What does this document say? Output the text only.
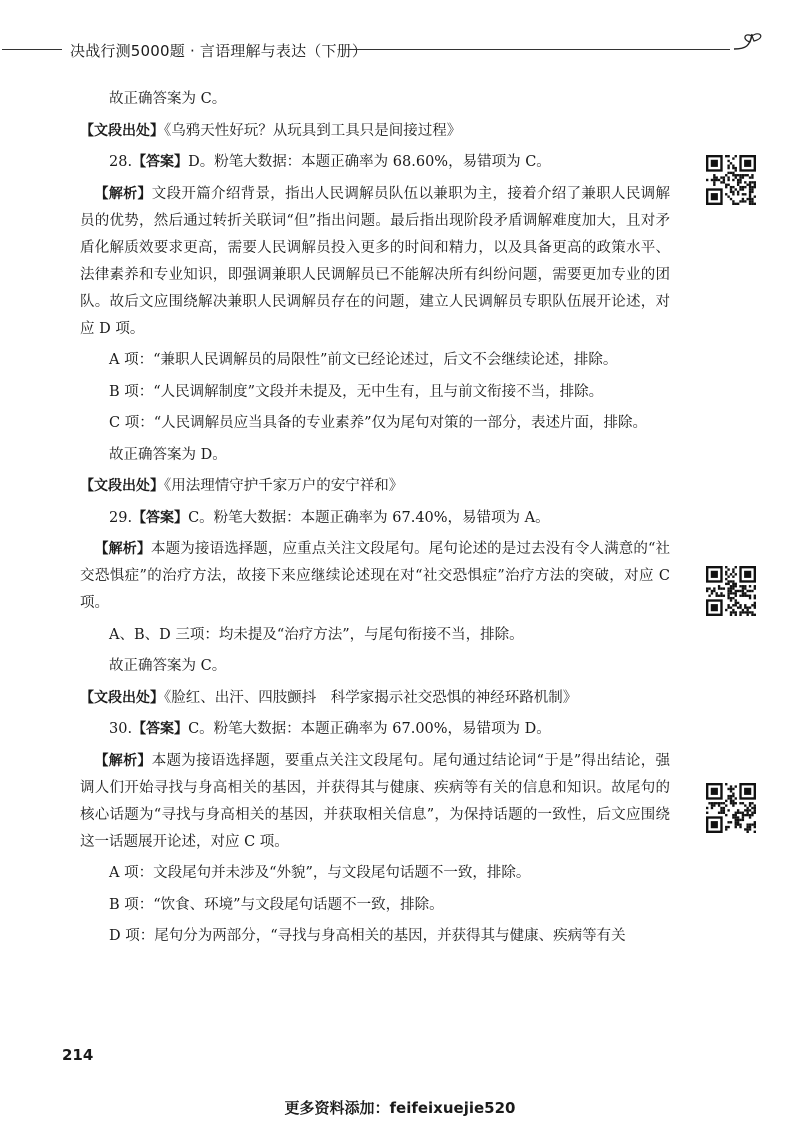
决战行测5000题 · 言语理解与表达（下册）

故正确答案为 C。

【文段出处】《乌鸦天性好玩？从玩具到工具只是间接过程》

28.【答案】D。粉笔大数据：本题正确率为 68.60%，易错项为 C。

【解析】文段开篇介绍背景，指出人民调解员队伍以兼职为主，接着介绍了兼职人民调解员的优势，然后通过转折关联词“但”指出问题。最后指出现阶段矛盾调解难度加大，且对矛盾化解质效要求更高，需要人民调解员投入更多的时间和精力，以及具备更高的政策水平、法律素养和专业知识，即强调兼职人民调解员已不能解决所有纠纷问题，需要更加专业的团队。故后文应围绕解决兼职人民调解员存在的问题，建立人民调解员专职队伍展开论述，对应 D 项。

A 项：“兼职人民调解员的局限性”前文已经论述过，后文不会继续论述，排除。

B 项：“人民调解制度”文段并未提及，无中生有，且与前文衔接不当，排除。

C 项：“人民调解员应当具备的专业素养”仅为尾句对策的一部分，表述片面，排除。

故正确答案为 D。

【文段出处】《用法理情守护千家万户的安宁祥和》

29.【答案】C。粉笔大数据：本题正确率为 67.40%，易错项为 A。

【解析】本题为接语选择题，应重点关注文段尾句。尾句论述的是过去没有令人满意的“社交恐惧症”的治疗方法，故接下来应继续论述现在对“社交恐惧症”治疗方法的突破，对应 C 项。

A、B、D 三项：均未提及“治疗方法”，与尾句衔接不当，排除。

故正确答案为 C。

【文段出处】《脸红、出汗、四肢颤抖　科学家揭示社交恐惧的神经环路机制》

30.【答案】C。粉笔大数据：本题正确率为 67.00%，易错项为 D。

【解析】本题为接语选择题，要重点关注文段尾句。尾句通过结论词“于是”得出结论，强调人们开始寻找与身高相关的基因，并获得其与健康、疾病等有关的信息和知识。故尾句的核心话题为“寻找与身高相关的基因，并获取相关信息”，为保持话题的一致性，后文应围绕这一话题展开论述，对应 C 项。

A 项：文段尾句并未涉及“外貌”，与文段尾句话题不一致，排除。

B 项：“饮食、环境”与文段尾句话题不一致，排除。

D 项：尾句分为两部分，“寻找与身高相关的基因，并获得其与健康、疾病等有关

214
更多资料添加：feifeixuejie520
